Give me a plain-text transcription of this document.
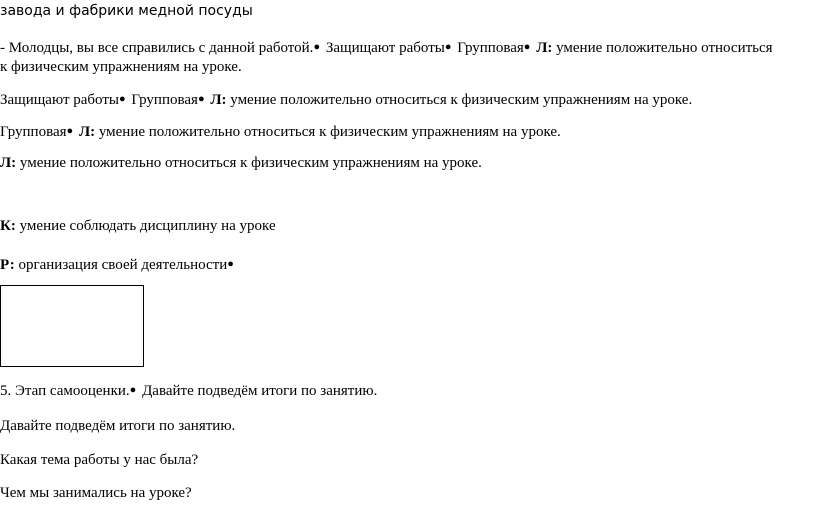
завода и фабрики медной посуды
- Молодцы, вы все справились с данной работой.● Защищают работы● Групповая● Л: умение положительно относиться
к физическим упражнениям на уроке.
Защищают работы● Групповая● Л: умение положительно относиться к физическим упражнениям на уроке.
Групповая● Л: умение положительно относиться к физическим упражнениям на уроке.
Л: умение положительно относиться к физическим упражнениям на уроке.
К: умение соблюдать дисциплину на уроке
Р: организация своей деятельности●
5. Этап самооценки.● Давайте подведём итоги по занятию.
Давайте подведём итоги по занятию.
Какая тема работы у нас была?
Чем мы занимались на уроке?
